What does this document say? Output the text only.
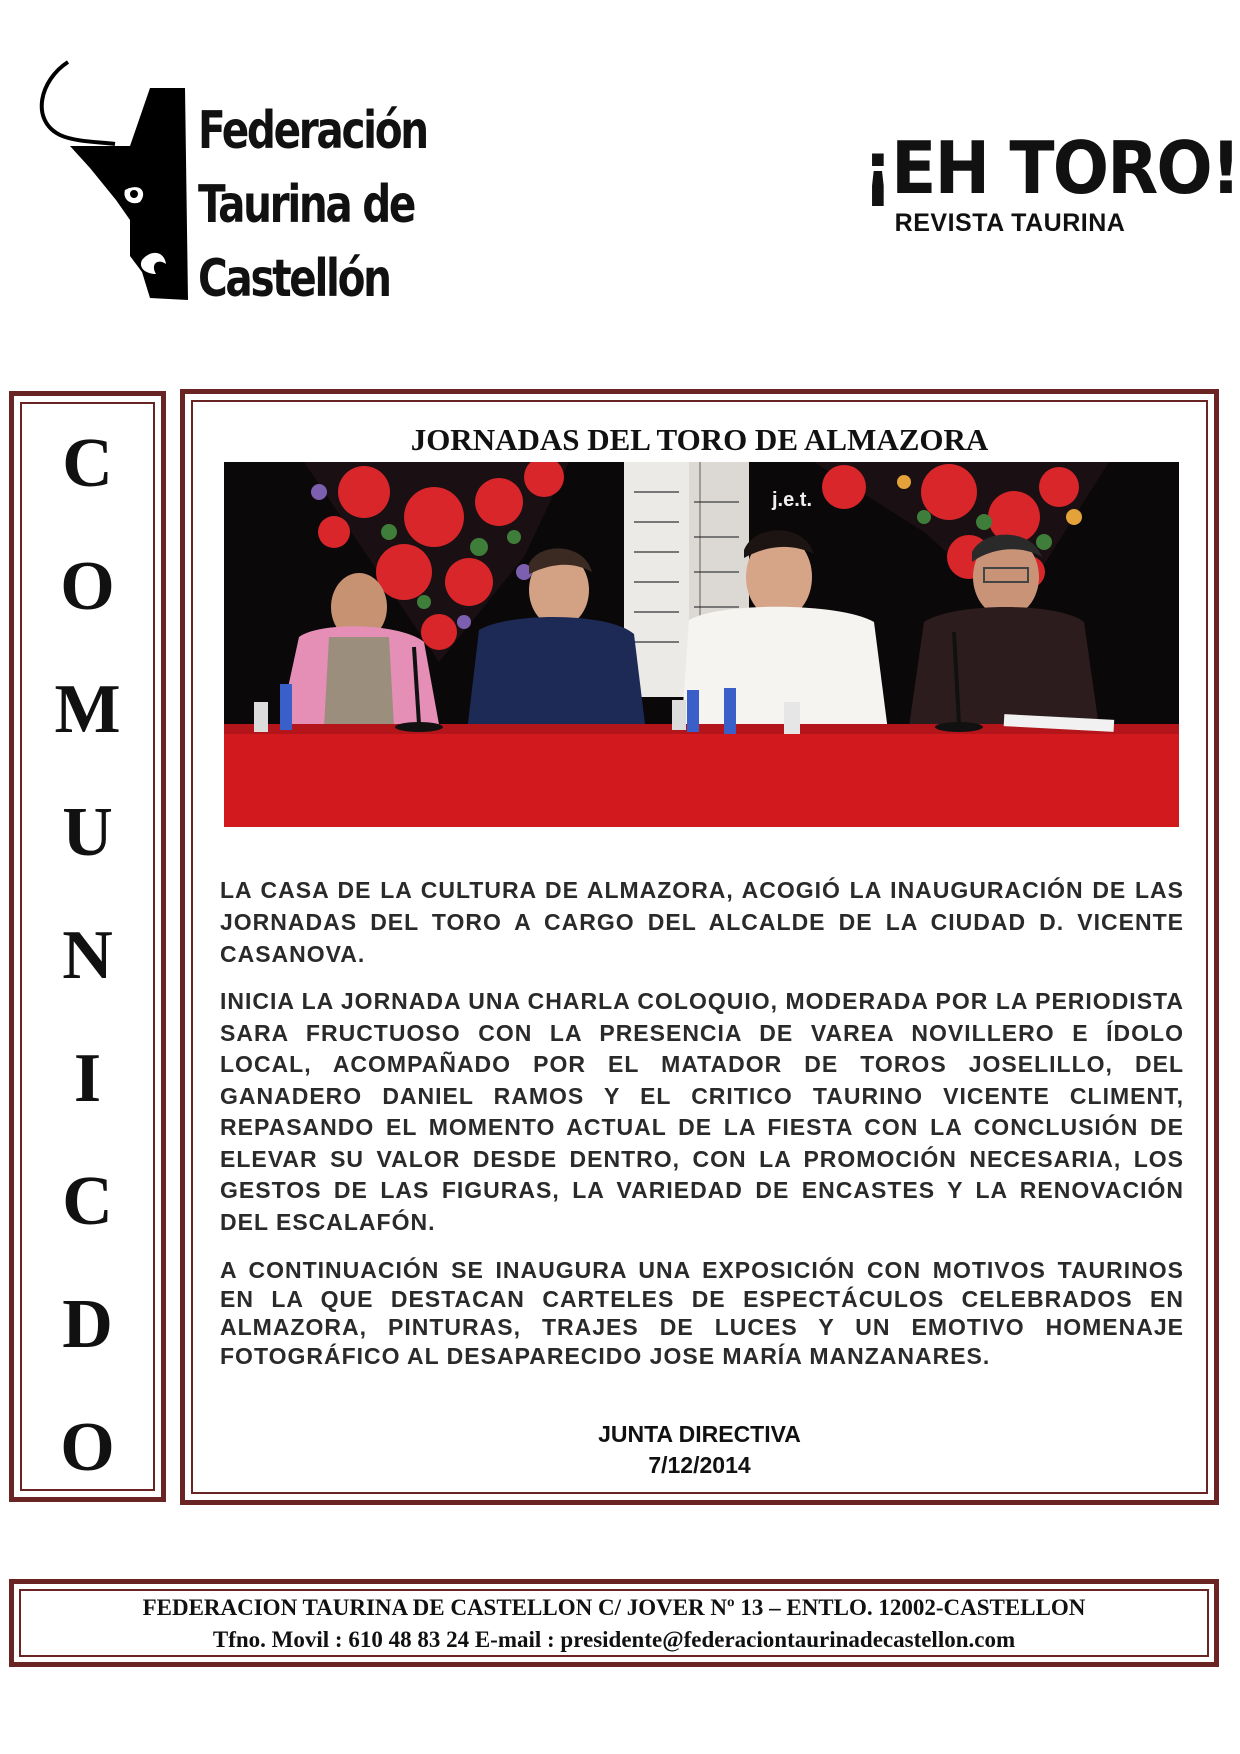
Federación
Taurina de
Castellón
¡EH TORO!
REVISTA TAURINA
C
O
M
U
N
I
C
D
O
JORNADAS DEL TORO DE ALMAZORA
j.e.t.

LA CASA DE LA CULTURA DE ALMAZORA, ACOGIÓ LA INAUGURACIÓN DE LAS JORNADAS DEL TORO A CARGO DEL ALCALDE DE LA CIUDAD D. VICENTE CASANOVA.

INICIA LA JORNADA UNA CHARLA COLOQUIO, MODERADA POR LA PERIODISTA SARA FRUCTUOSO CON LA PRESENCIA DE VAREA NOVILLERO E ÍDOLO LOCAL, ACOMPAÑADO POR EL MATADOR DE TOROS JOSELILLO, DEL GANADERO DANIEL RAMOS Y EL CRITICO TAURINO VICENTE CLIMENT, REPASANDO EL MOMENTO ACTUAL DE LA FIESTA CON LA CONCLUSIÓN DE ELEVAR SU VALOR DESDE DENTRO, CON LA PROMOCIÓN NECESARIA, LOS GESTOS DE LAS FIGURAS, LA VARIEDAD DE ENCASTES Y LA RENOVACIÓN DEL ESCALAFÓN.

A CONTINUACIÓN SE INAUGURA UNA EXPOSICIÓN CON MOTIVOS TAURINOS EN LA QUE DESTACAN CARTELES DE ESPECTÁCULOS CELEBRADOS EN ALMAZORA, PINTURAS, TRAJES DE LUCES Y UN EMOTIVO HOMENAJE FOTOGRÁFICO AL DESAPARECIDO JOSE MARÍA MANZANARES.

JUNTA DIRECTIVA
7/12/2014
FEDERACION TAURINA DE CASTELLON C/ JOVER Nº 13 – ENTLO. 12002-CASTELLON
Tfno. Movil : 610 48 83 24 E-mail : presidente@federaciontaurinadecastellon.com
